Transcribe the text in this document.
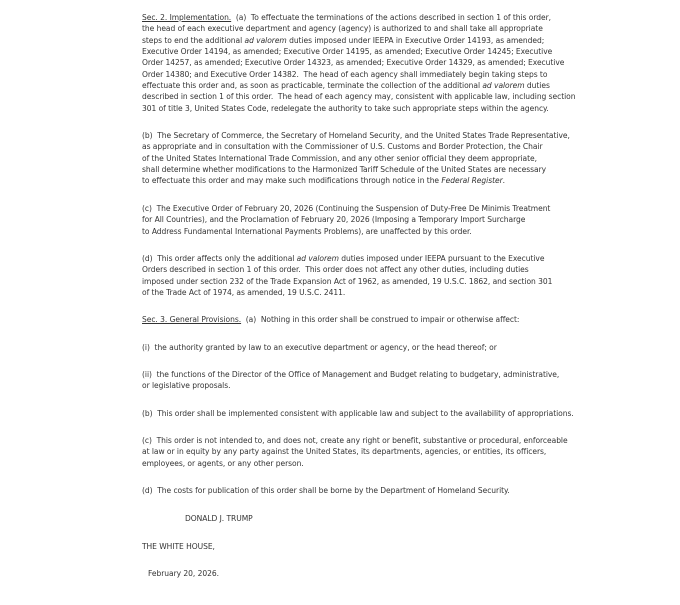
Sec. 2. Implementation.  (a)  To effectuate the terminations of the actions described in section 1 of this order,
the head of each executive department and agency (agency) is authorized to and shall take all appropriate
steps to end the additional ad valorem duties imposed under IEEPA in Executive Order 14193, as amended;
Executive Order 14194, as amended; Executive Order 14195, as amended; Executive Order 14245; Executive
Order 14257, as amended; Executive Order 14323, as amended; Executive Order 14329, as amended; Executive
Order 14380; and Executive Order 14382.  The head of each agency shall immediately begin taking steps to
effectuate this order and, as soon as practicable, terminate the collection of the additional ad valorem duties
described in section 1 of this order.  The head of each agency may, consistent with applicable law, including section
301 of title 3, United States Code, redelegate the authority to take such appropriate steps within the agency.

(b)  The Secretary of Commerce, the Secretary of Homeland Security, and the United States Trade Representative,
as appropriate and in consultation with the Commissioner of U.S. Customs and Border Protection, the Chair
of the United States International Trade Commission, and any other senior official they deem appropriate,
shall determine whether modifications to the Harmonized Tariff Schedule of the United States are necessary
to effectuate this order and may make such modifications through notice in the Federal Register.

(c)  The Executive Order of February 20, 2026 (Continuing the Suspension of Duty-Free De Minimis Treatment
for All Countries), and the Proclamation of February 20, 2026 (Imposing a Temporary Import Surcharge
to Address Fundamental International Payments Problems), are unaffected by this order.

(d)  This order affects only the additional ad valorem duties imposed under IEEPA pursuant to the Executive
Orders described in section 1 of this order.  This order does not affect any other duties, including duties
imposed under section 232 of the Trade Expansion Act of 1962, as amended, 19 U.S.C. 1862, and section 301
of the Trade Act of 1974, as amended, 19 U.S.C. 2411.

Sec. 3. General Provisions.  (a)  Nothing in this order shall be construed to impair or otherwise affect:

(i)  the authority granted by law to an executive department or agency, or the head thereof; or

(ii)  the functions of the Director of the Office of Management and Budget relating to budgetary, administrative,
or legislative proposals.

(b)  This order shall be implemented consistent with applicable law and subject to the availability of appropriations.

(c)  This order is not intended to, and does not, create any right or benefit, substantive or procedural, enforceable
at law or in equity by any party against the United States, its departments, agencies, or entities, its officers,
employees, or agents, or any other person.

(d)  The costs for publication of this order shall be borne by the Department of Homeland Security.

DONALD J. TRUMP

THE WHITE HOUSE,

February 20, 2026.
